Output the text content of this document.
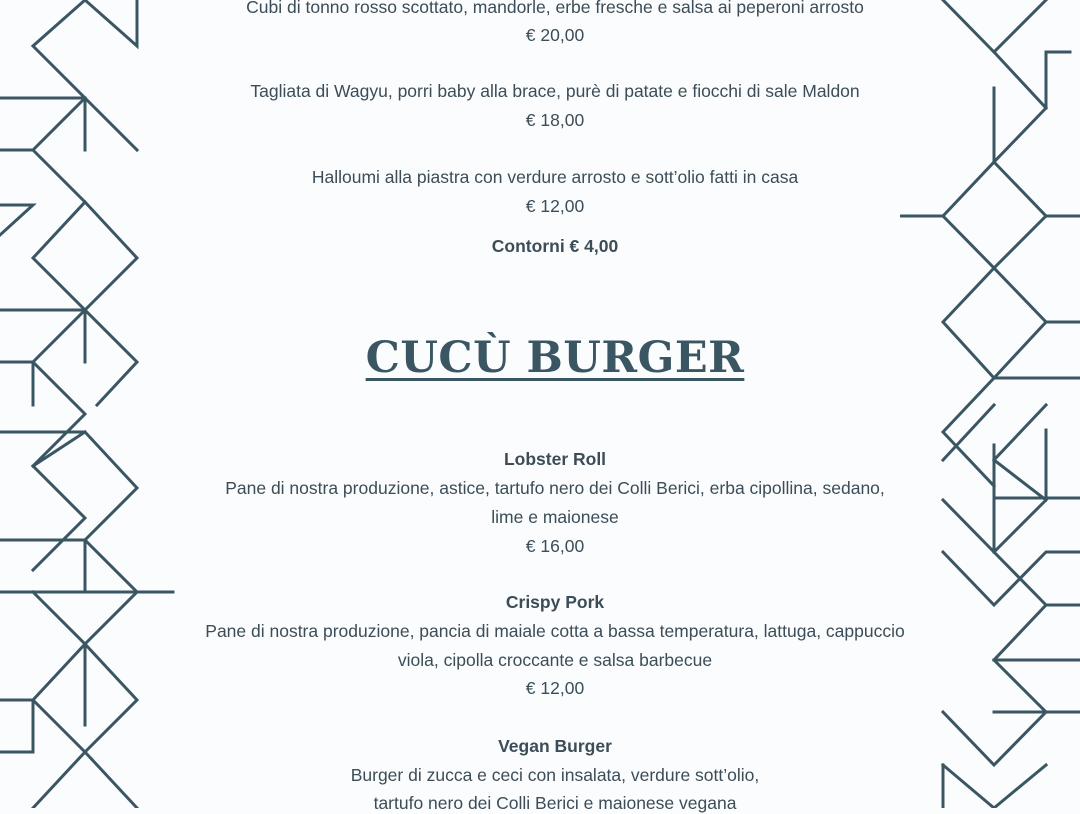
Cubi di tonno rosso scottato, mandorle, erbe fresche e salsa ai peperoni arrosto
€ 20,00
Tagliata di Wagyu, porri baby alla brace, purè di patate e fiocchi di sale Maldon
€ 18,00
Halloumi alla piastra con verdure arrosto e sott’olio fatti in casa
€ 12,00
Contorni € 4,00
CUCÙ BURGER
Lobster Roll
Pane di nostra produzione, astice, tartufo nero dei Colli Berici, erba cipollina, sedano,
lime e maionese
€ 16,00
Crispy Pork
Pane di nostra produzione, pancia di maiale cotta a bassa temperatura, lattuga, cappuccio
viola, cipolla croccante e salsa barbecue
€ 12,00
Vegan Burger
Burger di zucca e ceci con insalata, verdure sott’olio,
tartufo nero dei Colli Berici e maionese vegana
